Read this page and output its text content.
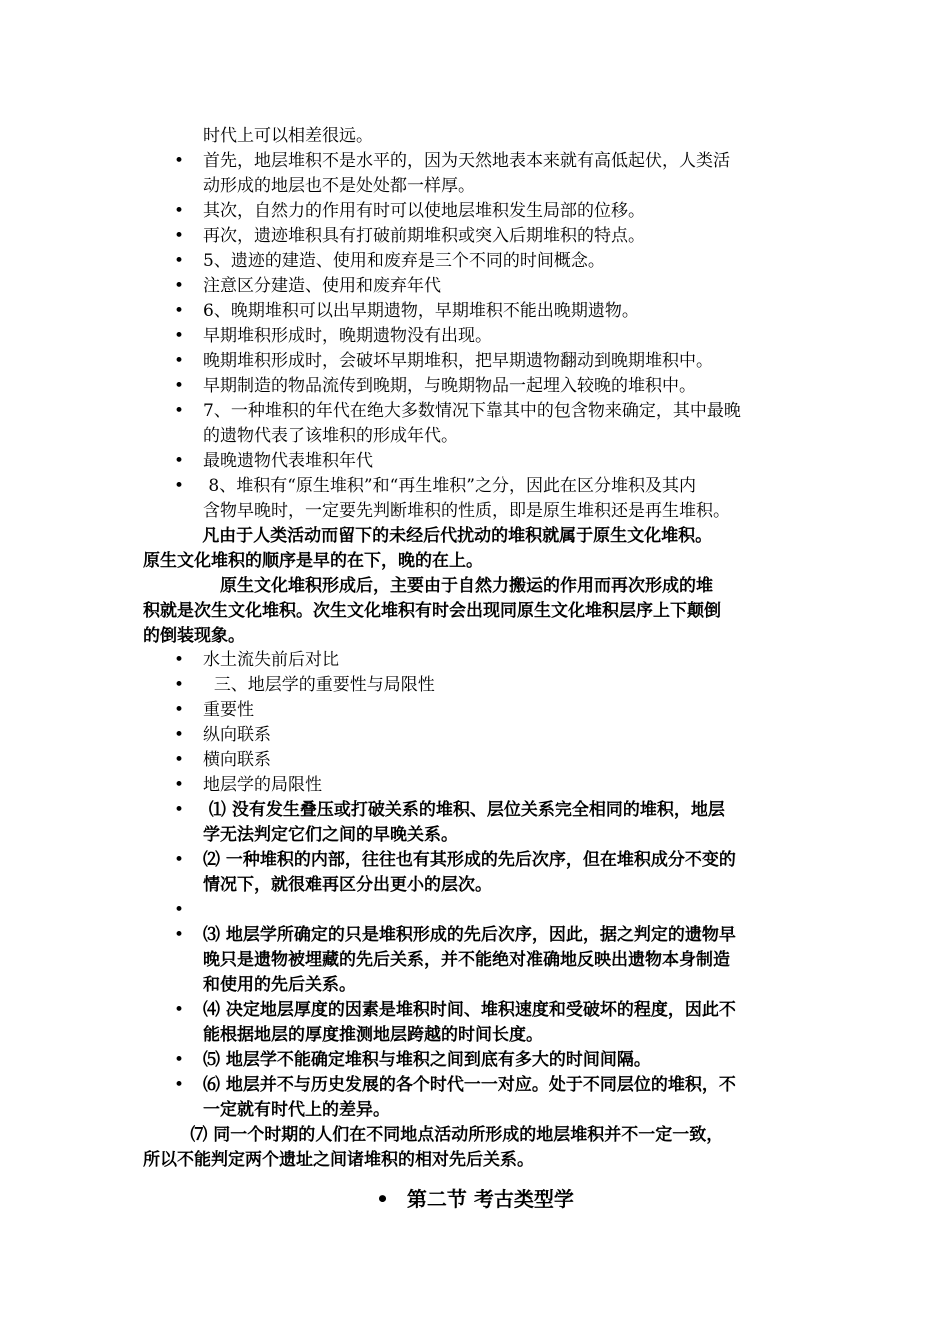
时代上可以相差很远。
• 首先，地层堆积不是水平的，因为天然地表本来就有高低起伏，人类活
动形成的地层也不是处处都一样厚。
• 其次，自然力的作用有时可以使地层堆积发生局部的位移。
• 再次，遗迹堆积具有打破前期堆积或突入后期堆积的特点。
• 5、遗迹的建造、使用和废弃是三个不同的时间概念。
• 注意区分建造、使用和废弃年代
• 6、晚期堆积可以出早期遗物，早期堆积不能出晚期遗物。
• 早期堆积形成时，晚期遗物没有出现。
• 晚期堆积形成时，会破坏早期堆积，把早期遗物翻动到晚期堆积中。
• 早期制造的物品流传到晚期，与晚期物品一起埋入较晚的堆积中。
• 7、一种堆积的年代在绝大多数情况下靠其中的包含物来确定，其中最晚
的遗物代表了该堆积的形成年代。
• 最晚遗物代表堆积年代
•	8、堆积有“原生堆积”和“再生堆积”之分，因此在区分堆积及其内
含物早晚时，一定要先判断堆积的性质，即是原生堆积还是再生堆积。
凡由于人类活动而留下的未经后代扰动的堆积就属于原生文化堆积。
原生文化堆积的顺序是早的在下，晚的在上。
原生文化堆积形成后，主要由于自然力搬运的作用而再次形成的堆
积就是次生文化堆积。次生文化堆积有时会出现同原生文化堆积层序上下颠倒
的倒装现象。
• 水土流失前后对比
• 三、地层学的重要性与局限性
• 重要性
• 纵向联系
• 横向联系
• 地层学的局限性
•	⑴ 没有发生叠压或打破关系的堆积、层位关系完全相同的堆积，地层
学无法判定它们之间的早晚关系。
• ⑵ 一种堆积的内部，往往也有其形成的先后次序，但在堆积成分不变的
情况下，就很难再区分出更小的层次。
•
• ⑶ 地层学所确定的只是堆积形成的先后次序，因此，据之判定的遗物早
晚只是遗物被埋藏的先后关系，并不能绝对准确地反映出遗物本身制造
和使用的先后关系。
• ⑷ 决定地层厚度的因素是堆积时间、堆积速度和受破坏的程度，因此不
能根据地层的厚度推测地层跨越的时间长度。
• ⑸ 地层学不能确定堆积与堆积之间到底有多大的时间间隔。
• ⑹ 地层并不与历史发展的各个时代一一对应。处于不同层位的堆积，不
一定就有时代上的差异。
⑺ 同一个时期的人们在不同地点活动所形成的地层堆积并不一定一致，
所以不能判定两个遗址之间诸堆积的相对先后关系。
• 第二节 考古类型学
